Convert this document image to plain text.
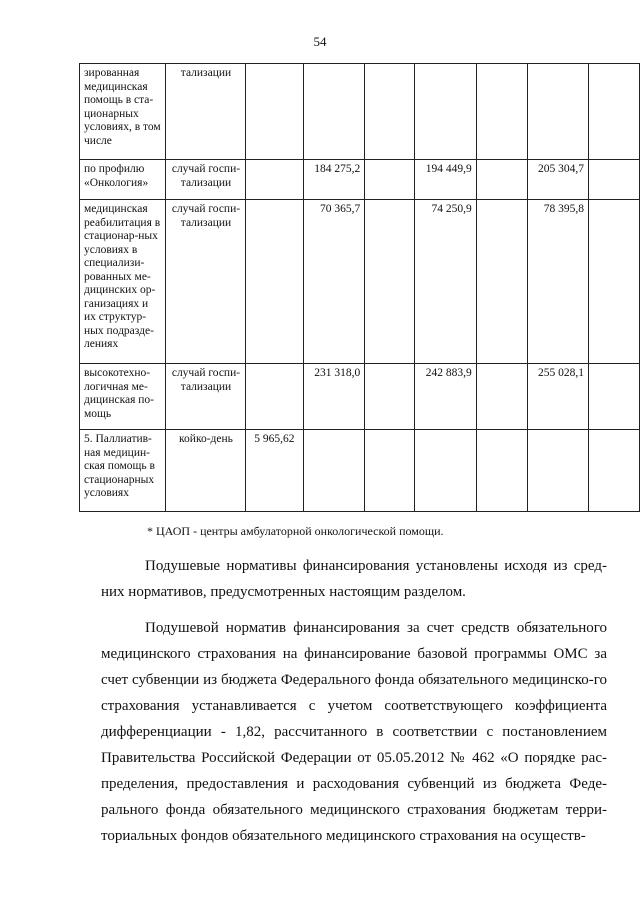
54
зированная медицинская помощь в ста-ционарных условиях, в том числе	тализации							
по профилю «Онкология»	случай госпи-тализации		184 275,2		194 449,9		205 304,7	
медицинская реабилитация в стационар-ных условиях в специализи-рованных ме-дицинских ор-ганизациях и их структур-ных подразде-лениях	случай госпи-тализации		70 365,7		74 250,9		78 395,8	
высокотехно-логичная ме-дицинская по-мощь	случай госпи-тализации		231 318,0		242 883,9		255 028,1	
5. Паллиатив-ная медицин-ская помощь в стационарных условиях	койко-день	5 965,62						
* ЦАОП - центры амбулаторной онкологической помощи.

Подушевые нормативы финансирования установлены исходя из сред-них нормативов, предусмотренных настоящим разделом.

Подушевой норматив финансирования за счет средств обязательного медицинского страхования на финансирование базовой программы ОМС за счет субвенции из бюджета Федерального фонда обязательного медицинско-го страхования устанавливается с учетом соответствующего коэффициента дифференциации - 1,82, рассчитанного в соответствии с постановлением Правительства Российской Федерации от 05.05.2012 № 462 «О порядке рас-пределения, предоставления и расходования субвенций из бюджета Феде-рального фонда обязательного медицинского страхования бюджетам терри-ториальных фондов обязательного медицинского страхования на осуществ-
